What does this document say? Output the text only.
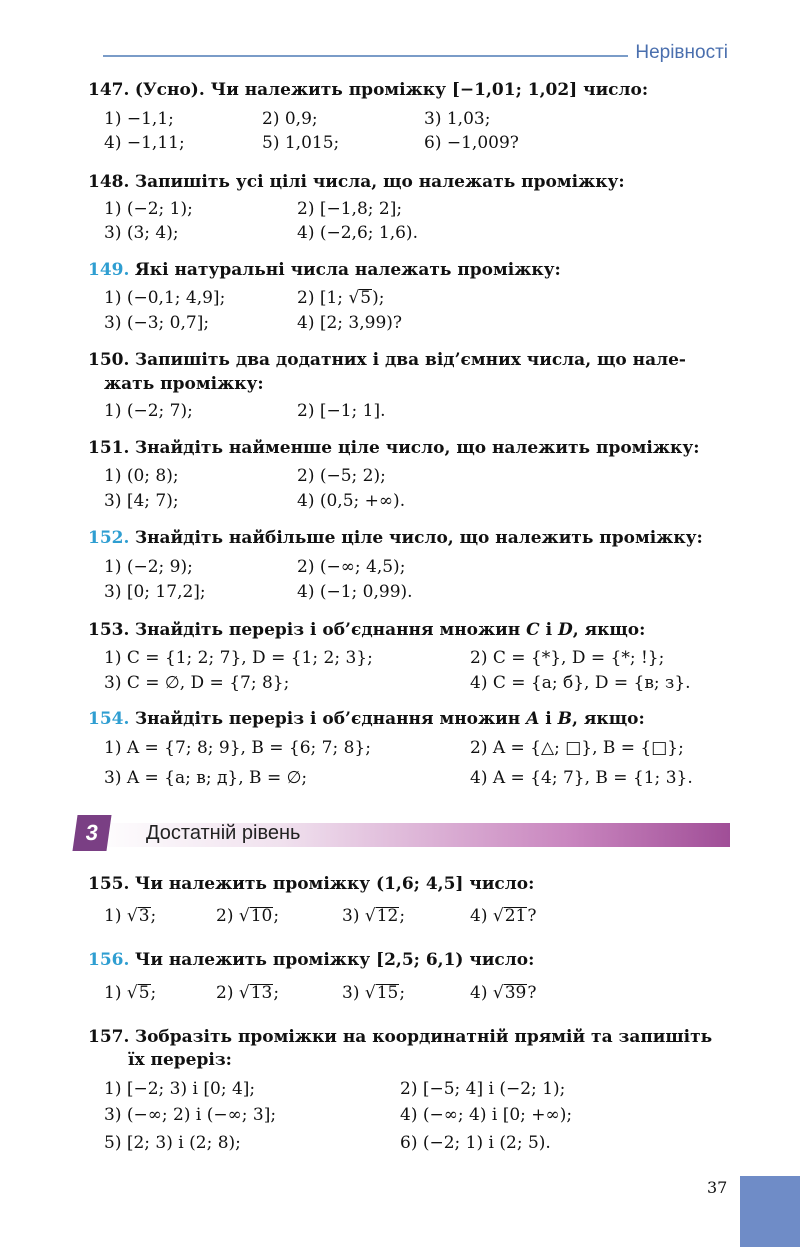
Нерівності
147. (Усно). Чи належить проміжку [−1,01; 1,02] число:
1) −1,1;	2) 0,9;	3) 1,03;
4) −1,11;	5) 1,015;	6) −1,009?
148. Запишіть усі цілі числа, що належать проміжку:
1) (−2; 1);	2) [−1,8; 2];
3) (3; 4);	4) (−2,6; 1,6).
149. Які натуральні числа належать проміжку:
1) (−0,1; 4,9];	2) [1; √5);
3) (−3; 0,7];	4) [2; 3,99)?
150. Запишіть два додатних і два від’ємних числа, що нале-
жать проміжку:
1) (−2; 7);	2) [−1; 1].
151. Знайдіть найменше ціле число, що належить проміжку:
1) (0; 8);	2) (−5; 2);
3) [4; 7);	4) (0,5; +∞).
152. Знайдіть найбільше ціле число, що належить проміжку:
1) (−2; 9);	2) (−∞; 4,5);
3) [0; 17,2];	4) (−1; 0,99).
153. Знайдіть переріз і об’єднання множин C і D, якщо:
1) C = {1; 2; 7}, D = {1; 2; 3};	2) C = {*}, D = {*; !};
3) C = ∅, D = {7; 8};	4) C = {а; б}, D = {в; з}.
154. Знайдіть переріз і об’єднання множин A і B, якщо:
1) A = {7; 8; 9}, B = {6; 7; 8};	2) A = {△; □}, B = {□};
3) A = {а; в; д}, B = ∅;	4) A = {4; 7}, B = {1; 3}.
3	Достатній рівень
155. Чи належить проміжку (1,6; 4,5] число:
1) √3;	2) √10;	3) √12;	4) √21?
156. Чи належить проміжку [2,5; 6,1) число:
1) √5;	2) √13;	3) √15;	4) √39?
157. Зобразіть проміжки на координатній прямій та запишіть
їх переріз:
1) [−2; 3) і [0; 4];	2) [−5; 4] і (−2; 1);
3) (−∞; 2) і (−∞; 3];	4) (−∞; 4) і [0; +∞);
5) [2; 3) і (2; 8);	6) (−2; 1) і (2; 5).
37
